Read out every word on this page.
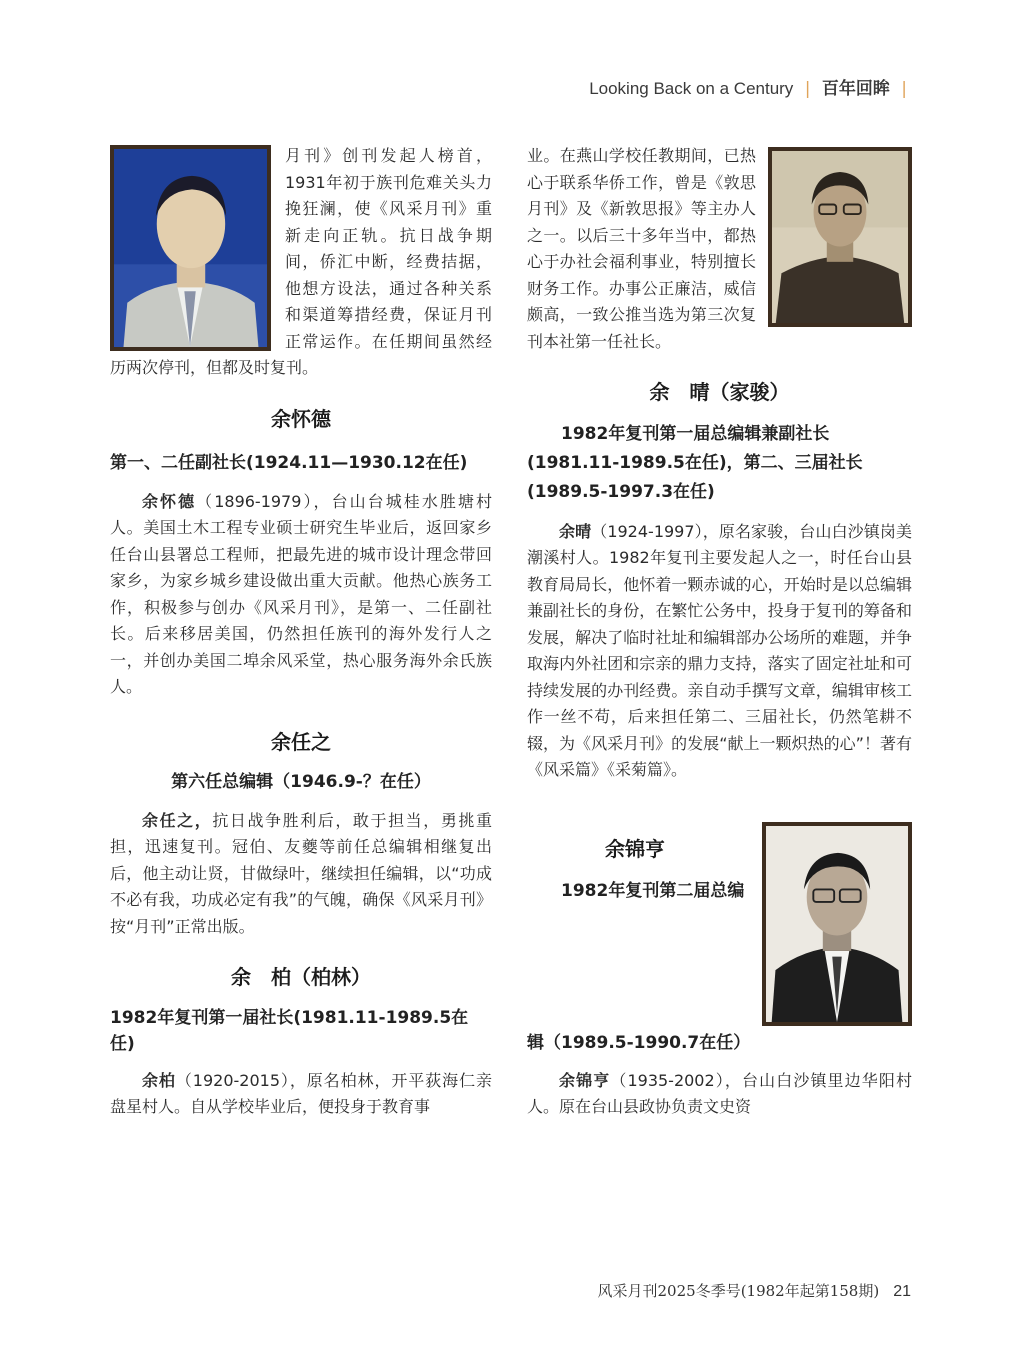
Looking Back on a Century | 百年回眸 |

月刊》创刊发起人榜首，1931年初于族刊危难关头力挽狂澜，使《风采月刊》重新走向正轨。抗日战争期间，侨汇中断，经费拮据，他想方设法，通过各种关系和渠道筹措经费，保证月刊正常运作。在任期间虽然经历两次停刊，但都及时复刊。

余怀德
第一、二任副社长(1924.11—1930.12在任)

余怀德（1896-1979），台山台城桂水胜塘村人。美国土木工程专业硕士研究生毕业后，返回家乡任台山县署总工程师，把最先进的城市设计理念带回家乡，为家乡城乡建设做出重大贡献。他热心族务工作，积极参与创办《风采月刊》，是第一、二任副社长。后来移居美国，仍然担任族刊的海外发行人之一，并创办美国二埠余风采堂，热心服务海外余氏族人。

余任之
第六任总编辑（1946.9-？在任）

余任之，抗日战争胜利后，敢于担当，勇挑重担，迅速复刊。冠伯、友夔等前任总编辑相继复出后，他主动让贤，甘做绿叶，继续担任编辑，以“功成不必有我，功成必定有我”的气魄，确保《风采月刊》按“月刊”正常出版。

余　柏（柏林）
1982年复刊第一届社长(1981.11-1989.5在任)

余柏（1920-2015），原名柏林，开平荻海仁亲盘星村人。自从学校毕业后，便投身于教育事

业。在燕山学校任教期间，已热心于联系华侨工作，曾是《敦思月刊》及《新敦思报》等主办人之一。以后三十多年当中，都热心于办社会福利事业，特别擅长财务工作。办事公正廉洁，威信颇高，一致公推当选为第三次复刊本社第一任社长。

余　晴（家骏）
1982年复刊第一届总编辑兼副社长(1981.11-1989.5在任)，第二、三届社长(1989.5-1997.3在任)

余晴（1924-1997），原名家骏，台山白沙镇岗美潮溪村人。1982年复刊主要发起人之一，时任台山县教育局局长，他怀着一颗赤诚的心，开始时是以总编辑兼副社长的身份，在繁忙公务中，投身于复刊的筹备和发展，解决了临时社址和编辑部办公场所的难题，并争取海内外社团和宗亲的鼎力支持，落实了固定社址和可持续发展的办刊经费。亲自动手撰写文章，编辑审核工作一丝不苟，后来担任第二、三届社长，仍然笔耕不辍，为《风采月刊》的发展“献上一颗炽热的心”！著有《风采篇》《采菊篇》。

余锦亨
1982年复刊第二届总编辑（1989.5-1990.7在任）

余锦亨（1935-2002），台山白沙镇里边华阳村人。原在台山县政协负责文史资

风采月刊2025冬季号(1982年起第158期) 21
